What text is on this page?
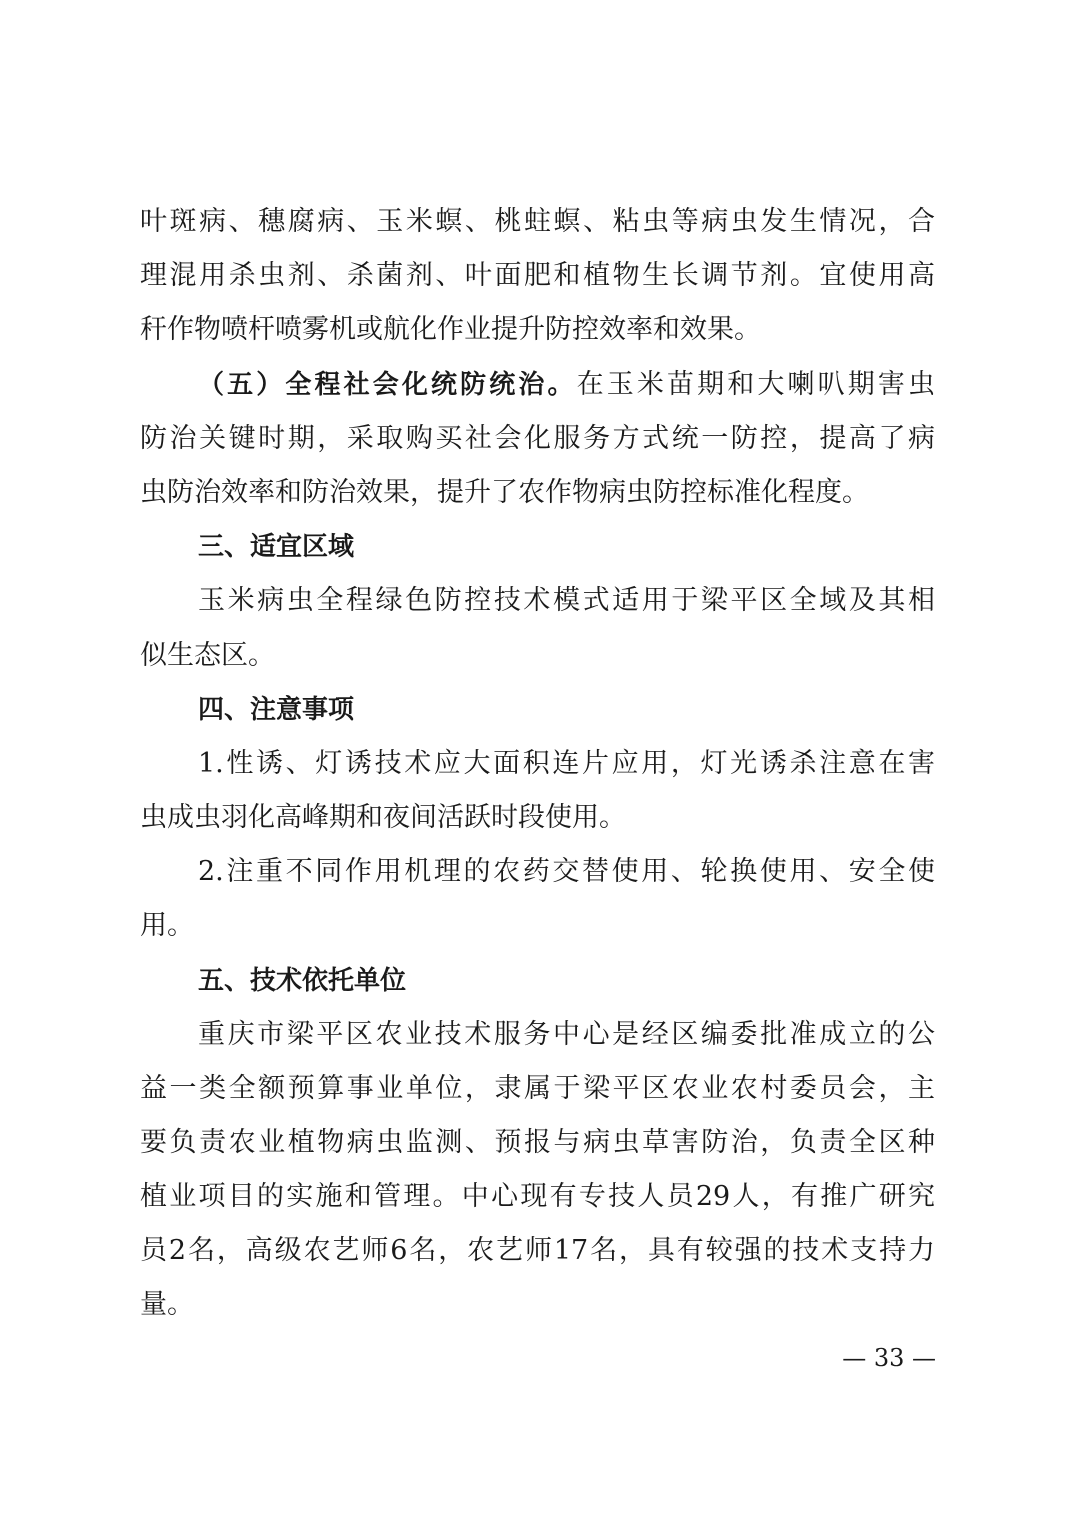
叶斑病、穗腐病、玉米螟、桃蛀螟、粘虫等病虫发生情况，合
理混用杀虫剂、杀菌剂、叶面肥和植物生长调节剂。宜使用高
秆作物喷杆喷雾机或航化作业提升防控效率和效果。
（五）全程社会化统防统治。在玉米苗期和大喇叭期害虫
防治关键时期，采取购买社会化服务方式统一防控，提高了病
虫防治效率和防治效果，提升了农作物病虫防控标准化程度。
三、适宜区域
玉米病虫全程绿色防控技术模式适用于梁平区全域及其相
似生态区。
四、注意事项
1.性诱、灯诱技术应大面积连片应用，灯光诱杀注意在害
虫成虫羽化高峰期和夜间活跃时段使用。
2.注重不同作用机理的农药交替使用、轮换使用、安全使
用。
五、技术依托单位
重庆市梁平区农业技术服务中心是经区编委批准成立的公
益一类全额预算事业单位，隶属于梁平区农业农村委员会，主
要负责农业植物病虫监测、预报与病虫草害防治，负责全区种
植业项目的实施和管理。中心现有专技人员29人，有推广研究
员2名，高级农艺师6名，农艺师17名，具有较强的技术支持力
量。
— 33 —
